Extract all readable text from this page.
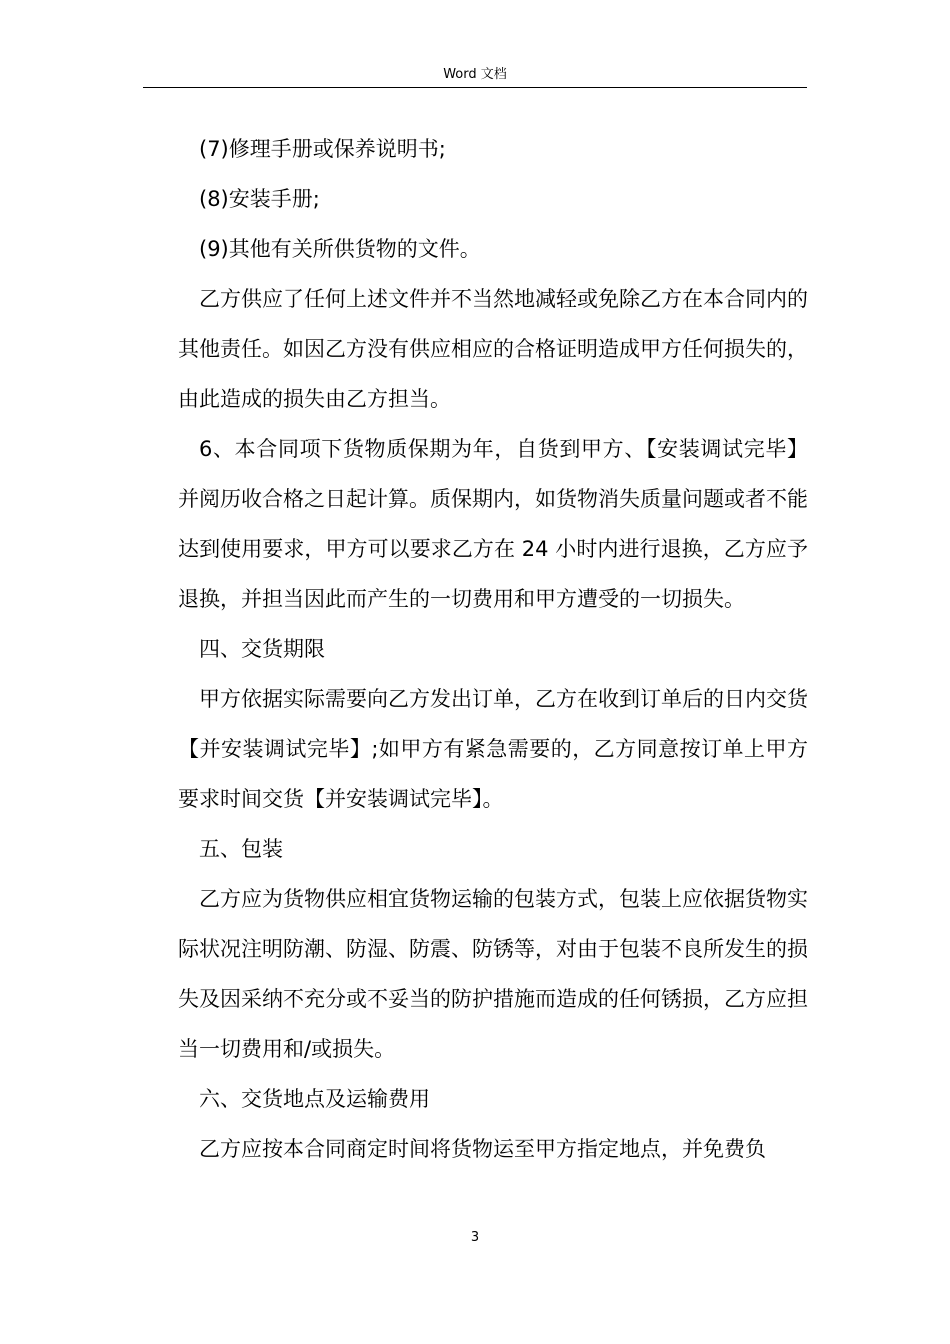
Word 文档

(7)修理手册或保养说明书;

(8)安装手册;

(9)其他有关所供货物的文件。

乙方供应了任何上述文件并不当然地减轻或免除乙方在本合同内的其他责任。如因乙方没有供应相应的合格证明造成甲方任何损失的，由此造成的损失由乙方担当。

6、本合同项下货物质保期为年，自货到甲方、【安装调试完毕】并阅历收合格之日起计算。质保期内，如货物消失质量问题或者不能达到使用要求，甲方可以要求乙方在 24 小时内进行退换，乙方应予退换，并担当因此而产生的一切费用和甲方遭受的一切损失。

四、交货期限

甲方依据实际需要向乙方发出订单，乙方在收到订单后的日内交货【并安装调试完毕】;如甲方有紧急需要的，乙方同意按订单上甲方要求时间交货【并安装调试完毕】。

五、包装

乙方应为货物供应相宜货物运输的包装方式，包装上应依据货物实际状况注明防潮、防湿、防震、防锈等，对由于包装不良所发生的损失及因采纳不充分或不妥当的防护措施而造成的任何锈损，乙方应担当一切费用和/或损失。

六、交货地点及运输费用

乙方应按本合同商定时间将货物运至甲方指定地点，并免费负

3
